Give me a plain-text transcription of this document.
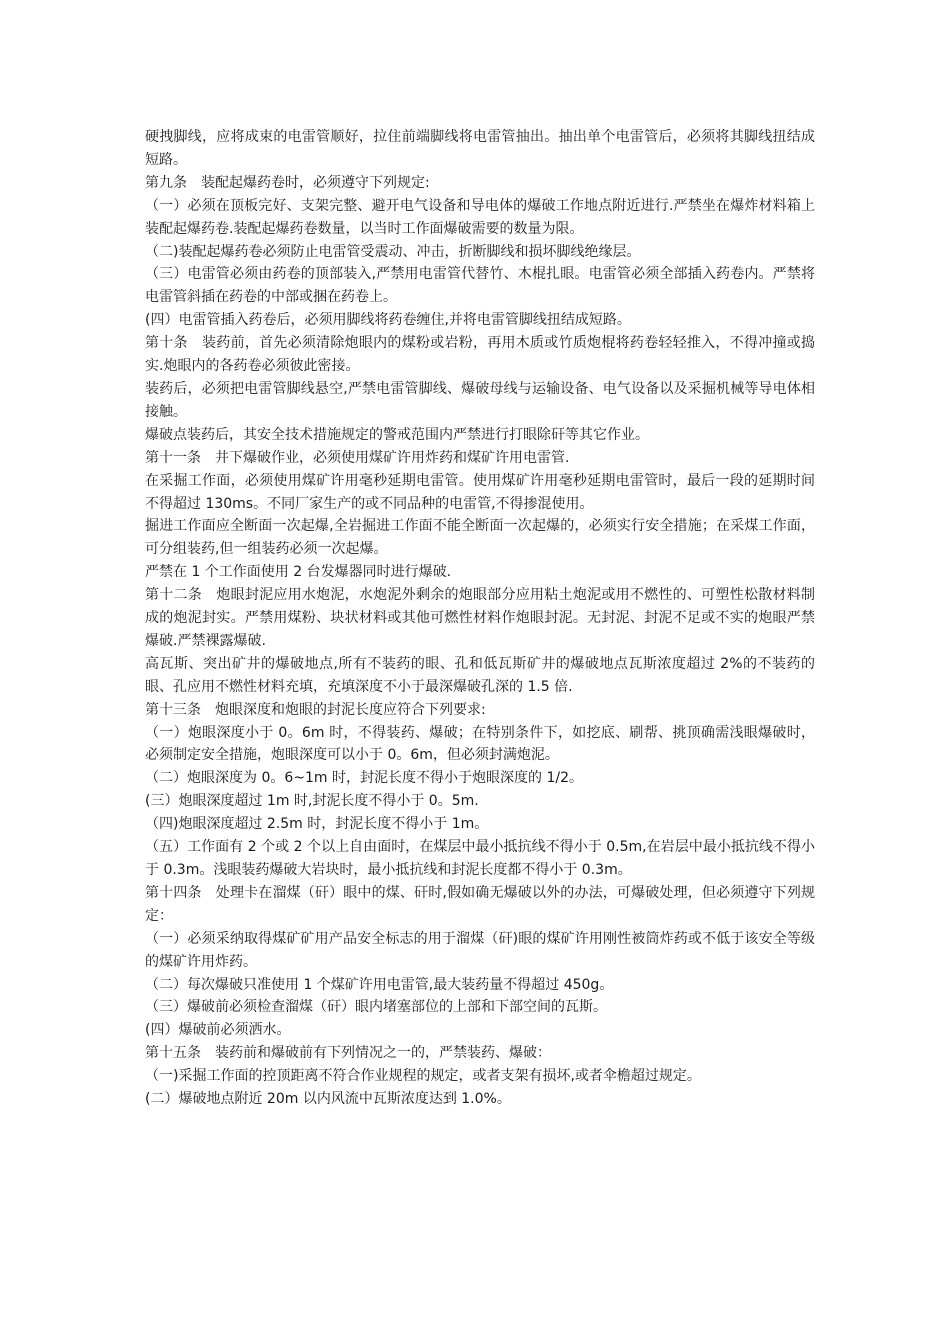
硬拽脚线，应将成束的电雷管顺好，拉住前端脚线将电雷管抽出。抽出单个电雷管后，必须将其脚线扭结成短路。

第九条　装配起爆药卷时，必须遵守下列规定:

（一）必须在顶板完好、支架完整、避开电气设备和导电体的爆破工作地点附近进行.严禁坐在爆炸材料箱上装配起爆药卷.装配起爆药卷数量，以当时工作面爆破需要的数量为限。

（二)装配起爆药卷必须防止电雷管受震动、冲击，折断脚线和损坏脚线绝缘层。

（三）电雷管必须由药卷的顶部装入,严禁用电雷管代替竹、木棍扎眼。电雷管必须全部插入药卷内。严禁将电雷管斜插在药卷的中部或捆在药卷上。

(四）电雷管插入药卷后，必须用脚线将药卷缠住,并将电雷管脚线扭结成短路。

第十条　装药前，首先必须清除炮眼内的煤粉或岩粉，再用木质或竹质炮棍将药卷轻轻推入，不得冲撞或捣实.炮眼内的各药卷必须彼此密接。

装药后，必须把电雷管脚线悬空,严禁电雷管脚线、爆破母线与运输设备、电气设备以及采掘机械等导电体相接触。

爆破点装药后，其安全技术措施规定的警戒范围内严禁进行打眼除矸等其它作业。

第十一条　井下爆破作业，必须使用煤矿许用炸药和煤矿许用电雷管.

在采掘工作面，必须使用煤矿许用毫秒延期电雷管。使用煤矿许用毫秒延期电雷管时，最后一段的延期时间不得超过 130ms。不同厂家生产的或不同品种的电雷管,不得掺混使用。

掘进工作面应全断面一次起爆,全岩掘进工作面不能全断面一次起爆的，必须实行安全措施；在采煤工作面，可分组装药,但一组装药必须一次起爆。

严禁在 1 个工作面使用 2 台发爆器同时进行爆破.

第十二条　炮眼封泥应用水炮泥，水炮泥外剩余的炮眼部分应用粘土炮泥或用不燃性的、可塑性松散材料制成的炮泥封实。严禁用煤粉、块状材料或其他可燃性材料作炮眼封泥。无封泥、封泥不足或不实的炮眼严禁爆破.严禁裸露爆破.

高瓦斯、突出矿井的爆破地点,所有不装药的眼、孔和低瓦斯矿井的爆破地点瓦斯浓度超过 2%的不装药的眼、孔应用不燃性材料充填，充填深度不小于最深爆破孔深的 1.5 倍.

第十三条　炮眼深度和炮眼的封泥长度应符合下列要求:

（一）炮眼深度小于 0。6m 时，不得装药、爆破；在特别条件下，如挖底、刷帮、挑顶确需浅眼爆破时，必须制定安全措施，炮眼深度可以小于 0。6m，但必须封满炮泥。

（二）炮眼深度为 0。6~1m 时，封泥长度不得小于炮眼深度的 1/2。

(三）炮眼深度超过 1m 时,封泥长度不得小于 0。5m.

（四)炮眼深度超过 2.5m 时，封泥长度不得小于 1m。

（五）工作面有 2 个或 2 个以上自由面时，在煤层中最小抵抗线不得小于 0.5m,在岩层中最小抵抗线不得小于 0.3m。浅眼装药爆破大岩块时，最小抵抗线和封泥长度都不得小于 0.3m。

第十四条　处理卡在溜煤（矸）眼中的煤、矸时,假如确无爆破以外的办法，可爆破处理，但必须遵守下列规定：

（一）必须采纳取得煤矿矿用产品安全标志的用于溜煤（矸)眼的煤矿许用刚性被筒炸药或不低于该安全等级的煤矿许用炸药。

（二）每次爆破只准使用 1 个煤矿许用电雷管,最大装药量不得超过 450g。

（三）爆破前必须检查溜煤（矸）眼内堵塞部位的上部和下部空间的瓦斯。

(四）爆破前必须洒水。

第十五条　装药前和爆破前有下列情况之一的，严禁装药、爆破：

（一)采掘工作面的控顶距离不符合作业规程的规定，或者支架有损坏,或者伞檐超过规定。

(二）爆破地点附近 20m 以内风流中瓦斯浓度达到 1.0%。
